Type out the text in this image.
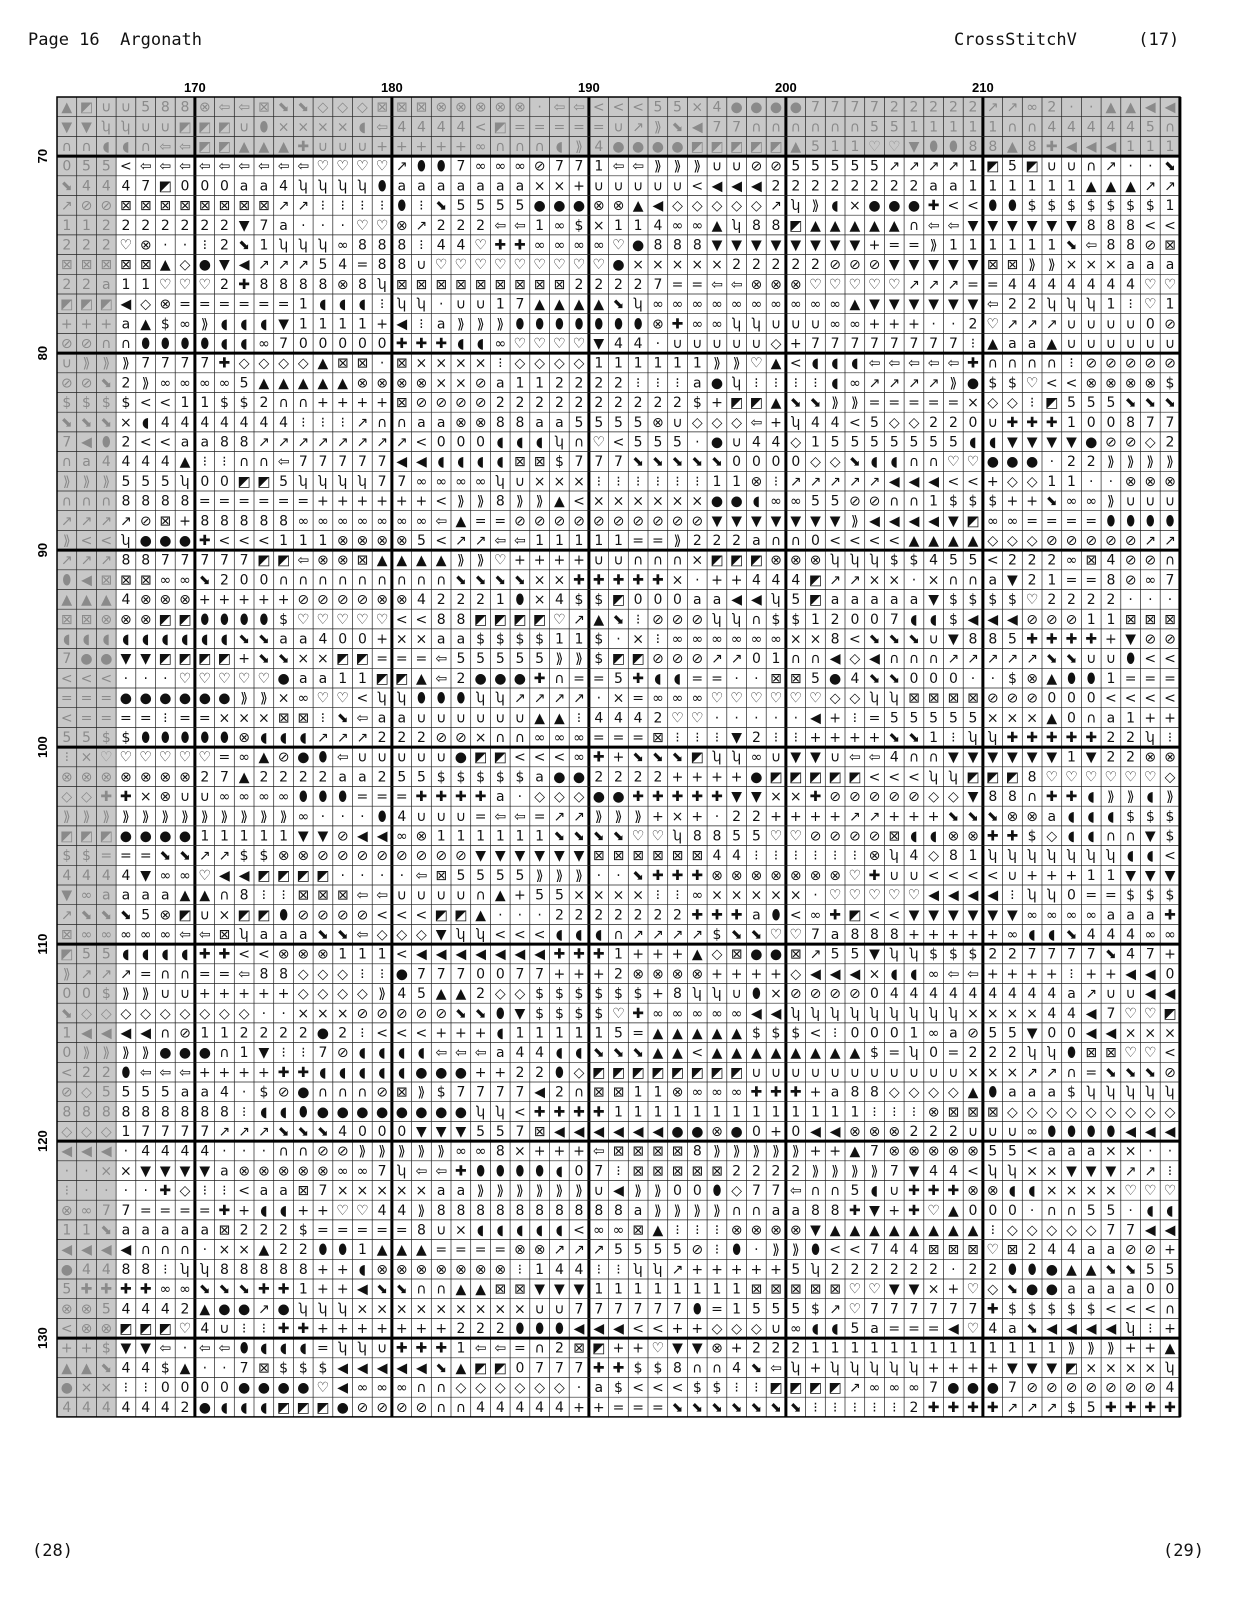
Page 16 Argonath	CrossStitchV	(17)
▲ ◩ ∪ ∪ 5 8 8 ⊗ ⇦ ⇦ ⊠ ⬊ ⬊ ◇ ◇ ◇ ⊠ ⊠ ⊠ ⊗ ⊗ ⊗ ⊗ ⊗ · ⇦ ⇦ < < < 5 5 × 4 ● ● ● ● 7 7 7 7 2 2 2 2 2 ↗ ↗ ∞ 2 · · ▲ ▲ ◀ ◀
▼ ▼ ʮ ʮ ∪ ∪ ◩ ◩ ◩ ∪ ⬮ × × × × ◖ ⇦ 4 4 4 4 < ◩ = = = = = ∪ ↗ ⟫ ⬊ ◀ 7 7 ∩ ∩ ∩ ∩ ∩ ∩ 5 5 1 1 1 1 1 ∩ ∩ 4 4 4 4 4 5 ∩
∩ ∩ ◖ ◖ ∩ ⇦ ⇦ ◩ ◩ ▲ ▲ ▲ ✚ ∪ ∪ ∪ + + + + + ∞ ∩ ∩ ∩ ◖ ⟫ 4 ● ● ● ● ◩ ◩ ◩ ◩ ◩ ▲ 5 1 1 ♡ ♡ ▼ ⬮ ⬮ 8 8 ▲ 8 ✚ ◀ ◀ ◀ 1 1 1
0 5 5 < ⇦ ⇦ ⇦ ⇦ ⇦ ⇦ ⇦ ⇦ ⇦ ♡ ♡ ♡ ♡ ↗ ⬮ ⬮ 7 ∞ ∞ ∞ ⊘ 7 7 1 ⇦ ⇦ ⟫ ⟫ ⟫ ∪ ∪ ⊘ ⊘ 5 5 5 5 5 ↗ ↗ ↗ ↗ 1 ◩ 5 ◩ ∪ ∪ ∩ ↗ · · ⬊
⬊ 4 4 4 7 ◩ 0 0 0 a a 4 ʮ ʮ ʮ ʮ ⬮ a a a a a a a × × + ∪ ∪ ∪ ∪ ∪ < ◀ ◀ ◀ 2 2 2 2 2 2 2 2 a a 1 1 1 1 1 1 ▲ ▲ ▲ ↗ ↗
↗ ⊘ ⊘ ⊠ ⊠ ⊠ ⊠ ⊠ ⊠ ⊠ ⊠ ↗ ↗ ⁝ ⁝ ⁝ ⁝ ⬮ ⁝ ⬊ 5 5 5 5 ● ● ● ⊗ ⊗ ▲ ◀ ◇ ◇ ◇ ◇ ◇ ↗ ʮ ⟫ ◖ × ● ● ● ✚ < < ⬮ ⬮ $ $ $ $ $ $ $ 1
1 1 2 2 2 2 2 2 2 ▼ 7 a · · · ♡ ♡ ⊗ ↗ 2 2 2 ⇦ ⇦ 1 ∞ $ × 1 1 4 ∞ ∞ ▲ ʮ 8 8 ◩ ▲ ▲ ▲ ▲ ▲ ∩ ⇦ ⇦ ▼ ▼ ▼ ▼ ▼ ▼ 8 8 8 < <
2 2 2 ♡ ⊗ · · ⁝ 2 ⬊ 1 ʮ ʮ ʮ ∞ 8 8 8 ⁝ 4 4 ♡ ✚ ✚ ∞ ∞ ∞ ∞ ♡ ● 8 8 8 ▼ ▼ ▼ ▼ ▼ ▼ ▼ ▼ + = = ⟫ 1 1 1 1 1 1 ⬊ ⇦ 8 8 ⊘ ⊠
⊠ ⊠ ⊠ ⊠ ⊠ ▲ ◇ ● ▼ ◀ ↗ ↗ ↗ 5 4 = 8 8 ∪ ♡ ♡ ♡ ♡ ♡ ♡ ♡ ♡ ♡ ● × × × × × 2 2 2 2 2 ⊘ ⊘ ⊘ ▼ ▼ ▼ ▼ ▼ ⊠ ⊠ ⟫ ⟫ × × × a a a
2 2 a 1 1 ♡ ♡ ♡ 2 ✚ 8 8 8 8 ⊗ 8 ʮ ⊠ ⊠ ⊠ ⊠ ⊠ ⊠ ⊠ ⊠ ⊠ 2 2 2 2 7 = = ⇦ ⇦ ⊗ ⊗ ⊗ ♡ ♡ ♡ ♡ ♡ ↗ ↗ ↗ = = 4 4 4 4 4 4 4 ♡ ♡
◩ ◩ ◩ ◀ ◇ ⊗ = = = = = = 1 ◖ ◖ ◖ ⁝ ʮ ʮ · ∪ ∪ 1 7 ▲ ▲ ▲ ▲ ⬊ ʮ ∞ ∞ ∞ ∞ ∞ ∞ ∞ ∞ ∞ ∞ ▲ ▼ ▼ ▼ ▼ ▼ ▼ ⇦ 2 2 ʮ ʮ ʮ 1 ⁝ ♡ 1
+ + + a ▲ $ ∞ ⟫ ◖ ◖ ◖ ▼ 1 1 1 1 + ◀ ⁝ a ⟫ ⟫ ⟫ ⬮ ⬮ ⬮ ⬮ ⬮ ⬮ ⬮ ⊗ ✚ ∞ ∞ ʮ ʮ ∪ ∪ ∪ ∞ ∞ + + + · · 2 ♡ ↗ ↗ ↗ ∪ ∪ ∪ ∪ 0 ⊘
⊘ ⊘ ∩ ∩ ⬮ ⬮ ⬮ ⬮ ◖ ◖ ∞ 7 0 0 0 0 0 ✚ ✚ ✚ ◖ ◖ ∞ ♡ ♡ ♡ ♡ ▼ 4 4 · ∪ ∪ ∪ ∪ ∪ ◇ + 7 7 7 7 7 7 7 7 ⁝ ▲ a a ▲ ∪ ∪ ∪ ∪ ∪ ∪
∪ ⟫ ⟫ ⟫ 7 7 7 7 ✚ ◇ ◇ ◇ ◇ ▲ ⊠ ⊠ · ⊠ × × × × ⁝ ◇ ◇ ◇ ◇ 1 1 1 1 1 1 ⟫ ⟫ ♡ ▲ < ◖ ◖ ◖ ⇦ ⇦ ⇦ ⇦ ⇦ ✚ ∩ ∩ ∩ ∩ ⁝ ⊘ ⊘ ⊘ ⊘ ⊘
⊘ ⊘ ⬊ 2 ⟫ ∞ ∞ ∞ ∞ 5 ▲ ▲ ▲ ▲ ▲ ⊗ ⊗ ⊗ ⊗ × × ⊘ a 1 1 2 2 2 2 ⁝ ⁝ ⁝ a ● ʮ ⁝ ⁝ ⁝ ⁝ ◖ ∞ ↗ ↗ ↗ ↗ ⟫ ● $ $ ♡ < < ⊗ ⊗ ⊗ ⊗ $
$ $ $ $ < < 1 1 $ $ 2 ∩ ∩ + + + + ⊠ ⊘ ⊘ ⊘ ⊘ 2 2 2 2 2 2 2 2 2 2 $ + ◩ ◩ ▲ ⬊ ⬊ ⟫ ⟫ = = = = = × ◇ ◇ ⁝ ◩ 5 5 5 ⬊ ⬊ ⬊
⬊ ⬊ ⬊ × ◖ 4 4 4 4 4 4 4 ⁝ ⁝ ⁝ ↗ ∩ ∩ a a ⊗ ⊗ 8 8 a a 5 5 5 5 ⊗ ∪ ◇ ◇ ◇ ⇦ + ʮ 4 4 < 5 ◇ ◇ 2 2 0 ∪ ✚ ✚ ✚ 1 0 0 8 7 7
7 ◀ ⬮ 2 < < a a 8 8 ↗ ↗ ↗ ↗ ↗ ↗ ↗ ↗ < 0 0 0 ◖ ◖ ◖ ʮ ∩ ♡ < 5 5 5 · ● ∪ 4 4 ◇ 1 5 5 5 5 5 5 5 ◖ ◖ ▼ ▼ ▼ ▼ ● ⊘ ⊘ ◇ 2
∩ a 4 4 4 4 ▲ ⁝ ⁝ ∩ ∩ ⇦ 7 7 7 7 7 ◀ ◀ ◖ ◖ ◖ ◖ ⊠ ⊠ $ 7 7 7 ⬊ ⬊ ⬊ ⬊ ⬊ 0 0 0 0 ◇ ◇ ⬊ ◖ ◖ ∩ ∩ ♡ ♡ ● ● ● · 2 2 ⟫ ⟫ ⟫ ⟫
⟫ ⟫ ⟫ 5 5 5 ʮ 0 0 ◩ ◩ 5 ʮ ʮ ʮ ʮ 7 7 ∞ ∞ ∞ ∞ ʮ ∪ × × × ⁝ ⁝ ⁝ ⁝ ⁝ ⁝ 1 1 ⊗ ⁝ ↗ ↗ ↗ ↗ ↗ ◀ ◀ ◀ < < + ◇ ◇ 1 1 · · ⊗ ⊗ ⊗
∩ ∩ ∩ 8 8 8 8 = = = = = = + + + + + + < ⟫ ⟫ 8 ⟫ ⟫ ▲ < × × × × × × ● ● ◖ ∞ ∞ 5 5 ⊘ ⊘ ∩ ∩ 1 $ $ $ + + ⬊ ∞ ∞ ⟫ ∪ ∪ ∪
↗ ↗ ↗ ↗ ⊘ ⊠ + 8 8 8 8 8 ∞ ∞ ∞ ∞ ∞ ∞ ∞ ⇦ ▲ = = ⊘ ⊘ ⊘ ⊘ ⊘ ⊘ ⊘ ⊘ ⊘ ⊘ ▼ ▼ ▼ ▼ ▼ ▼ ▼ ⟫ ◀ ◀ ◀ ◀ ▼ ◩ ∞ ∞ = = = = ⬮ ⬮ ⬮ ⬮
⟫ < < ʮ ● ● ● ✚ < < < 1 1 1 ⊗ ⊗ ⊗ ⊗ 5 < ↗ ↗ ⇦ ⇦ 1 1 1 1 1 = = ⟫ 2 2 2 a ∩ ∩ 0 < < < < ▲ ▲ ▲ ▲ ◇ ◇ ◇ ⊘ ⊘ ⊘ ⊘ ⊘ ↗ ↗
↗ ↗ ↗ 8 8 7 7 7 7 7 ◩ ◩ ⇦ ⊗ ⊗ ⊠ ▲ ▲ ▲ ▲ ⟫ ⟫ ♡ + + + + ∪ ∪ ∩ ∩ ∩ × ◩ ◩ ◩ ⊗ ⊗ ⊗ ʮ ʮ ʮ $ $ 4 5 5 < 2 2 2 ∞ ⊠ 4 ⊘ ⊘ ∩
⬮ ◀ ⊠ ⊠ ⊠ ∞ ∞ ⬊ 2 0 0 ∩ ∩ ∩ ∩ ∩ ∩ ∩ ∩ ∩ ⬊ ⬊ ⬊ ⬊ × × ✚ ✚ ✚ ✚ ✚ × · + + 4 4 4 ◩ ↗ ↗ × × · × ∩ ∩ a ▼ 2 1 = = 8 ⊘ ∞ 7
▲ ▲ ▲ 4 ⊗ ⊗ ⊗ + + + + + ⊘ ⊘ ⊘ ⊘ ⊗ ⊗ 4 2 2 2 1 ⬮ × 4 $ $ ◩ 0 0 0 a a ◀ ◀ ʮ 5 ◩ a a a a a ▼ $ $ $ $ ♡ 2 2 2 2 · · ·
⊠ ⊠ ⊗ ⊗ ⊗ ◩ ◩ ⬮ ⬮ ⬮ ⬮ $ ♡ ♡ ♡ ♡ ♡ < < 8 8 ◩ ◩ ◩ ◩ ♡ ↗ ▲ ⬊ ⁝ ⊘ ⊘ ⊘ ʮ ʮ ∩ $ $ 1 2 0 0 7 ◖ ◖ $ ◀ ◀ ◀ ⊘ ⊘ ⊘ 1 1 ⊠ ⊠ ⊠
◖ ◖ ◖ ◖ ◖ ◖ ◖ ◖ ◖ ⬊ ⬊ a a 4 0 0 + × × a a $ $ $ $ 1 1 $ · × ⁝ ∞ ∞ ∞ ∞ ∞ ∞ × × 8 < ⬊ ⬊ ⬊ ∪ ▼ 8 8 5 ✚ ✚ ✚ ✚ + ▼ ⊘ ⊘
7 ● ● ▼ ▼ ◩ ◩ ◩ ◩ + ⬊ ⬊ × × ◩ ◩ = = = ⇦ 5 5 5 5 5 ⟫ ⟫ $ ◩ ◩ ⊘ ⊘ ⊘ ↗ ↗ 0 1 ∩ ∩ ◀ ◇ ◀ ∩ ∩ ∩ ↗ ↗ ↗ ↗ ↗ ⬊ ⬊ ∪ ∪ ⬮ < <
< < < · · · ♡ ♡ ♡ ♡ ♡ ● a a 1 1 ◩ ◩ ▲ ⇦ 2 ● ● ● ✚ ∩ = = 5 ✚ ◖ ◖ = = · · ⊠ ⊠ 5 ● 4 ⬊ ⬊ 0 0 0 · · $ ⊗ ▲ ⬮ ⬮ 1 = = =
= = = ● ● ● ● ● ● ⟫ ⟫ × ∞ ♡ ♡ < ʮ ʮ ⬮ ⬮ ⬮ ʮ ʮ ↗ ↗ ↗ ↗ · × = ∞ ∞ ∞ ♡ ♡ ♡ ♡ ♡ ♡ ◇ ◇ ʮ ʮ ⊠ ⊠ ⊠ ⊠ ⊘ ⊘ ⊘ 0 0 0 < < < <
< = = = = ⁝ = = × × × ⊠ ⊠ ⁝ ⬊ ⇦ a a ∪ ∪ ∪ ∪ ∪ ∪ ▲ ▲ ⁝ 4 4 4 2 ♡ ♡ · · · · · ◀ + ⁝ = 5 5 5 5 5 × × × ▲ 0 ∩ a 1 + +
5 5 $ $ ⬮ ⬮ ⬮ ⬮ ⬮ ⊗ ◖ ◖ ◖ ↗ ↗ ↗ 2 2 2 ⊘ ⊘ × ∩ ∩ ∞ ∞ ∞ = = = ⊠ ⁝ ⁝ ⁝ ▼ 2 ⁝ ⁝ + + + + ⬊ ⬊ 1 ⁝ ʮ ʮ ✚ ✚ ✚ ✚ ✚ 2 2 ʮ ⁝
⁝ × ♡ ♡ ♡ ♡ ♡ ♡ = ∞ ▲ ⊘ ● ⬮ ⇦ ∪ ∪ ∪ ∪ ∪ ● ◩ ◩ < < < ∞ ✚ + ⬊ ⬊ ⬊ ◩ ʮ ʮ ∞ ∪ ▼ ▼ ∪ ⇦ ⇦ 4 ∩ ∩ ▼ ▼ ▼ ▼ ▼ ▼ 1 ▼ 2 2 ⊗ ⊗
⊗ ⊗ ⊗ ⊗ ⊗ ⊗ ⊗ 2 7 ▲ 2 2 2 2 a a 2 5 5 $ $ $ $ $ a ● ● 2 2 2 2 + + + + ● ◩ ◩ ◩ ◩ ◩ < < < ʮ ʮ ◩ ◩ ◩ 8 ♡ ♡ ♡ ♡ ♡ ♡ ◇
◇ ◇ ✚ ✚ × ⊗ ∪ ∪ ∞ ∞ ∞ ∞ ⬮ ⬮ ⬮ = = = ✚ ✚ ✚ ✚ a · ◇ ◇ ◇ ● ● ✚ ✚ ✚ ✚ ✚ ▼ ▼ × × ✚ ⊘ ⊘ ⊘ ⊘ ⊘ ◇ ◇ ▼ 8 8 ∩ ✚ ✚ ◖ ⟫ ⟫ ◖ ⟫
⟫ ⟫ ⟫ ⟫ ⟫ ⟫ ⟫ ⟫ ⟫ ⟫ ⟫ ⟫ ∞ · · · ⬮ 4 ∪ ∪ ∪ = ⇦ ⇦ = ↗ ↗ ⟫ ⟫ ⟫ + × + · 2 2 + + + + ↗ ↗ + + + ⬊ ⬊ ⬊ ⊗ ⊗ a ◖ ◖ ◖ $ $ $
◩ ◩ ◩ ● ● ● ● 1 1 1 1 1 ▼ ▼ ⊘ ◀ ◀ ∞ ⊗ 1 1 1 1 1 1 ⬊ ⬊ ⬊ ⬊ ♡ ♡ ʮ 8 8 5 5 ♡ ♡ ⊘ ⊘ ⊘ ⊘ ⊠ ◖ ◖ ⊗ ⊗ ✚ ✚ $ ◇ ◖ ◖ ∩ ∩ ▼ $
$ $ = = = ⬊ ⬊ ↗ ↗ $ $ ⊗ ⊗ ⊘ ⊘ ⊘ ⊘ ⊘ ⊘ ⊘ ⊘ ▼ ▼ ▼ ▼ ▼ ▼ ⊠ ⊠ ⊠ ⊠ ⊠ ⊠ 4 4 ⁝ ⁝ ⁝ ⁝ ⁝ ⁝ ⊗ ʮ 4 ◇ 8 1 ʮ ʮ ʮ ʮ ʮ ʮ ʮ ◖ ◖ <
4 4 4 4 ▼ ∞ ∞ ♡ ◀ ◀ ◩ ◩ ◩ ◩ · · · · ⇦ ⊠ 5 5 5 5 ⟫ ⟫ ⟫ · · ⬊ ✚ ✚ ✚ ⊗ ⊗ ⊗ ⊗ ⊗ ⊗ ⊗ ♡ ✚ ∪ ∪ < < < < ∪ + + + 1 1 ▼ ▼ ▼
▼ ∞ a a a a ▲ ▲ ∩ 8 ⁝ ⁝ ⊠ ⊠ ⊠ ⇦ ⇦ ∪ ∪ ∪ ∪ ∩ ▲ + 5 5 × × × × ⁝ ⁝ ∞ × × × × × · ♡ ♡ ♡ ♡ ♡ ◀ ◀ ◀ ◀ ⁝ ʮ ʮ 0 = = $ $ $
↗ ⬊ ⬊ ⬊ 5 ⊗ ◩ ∪ × ◩ ◩ ⬮ ⊘ ⊘ ⊘ ⊘ < < < ◩ ◩ ▲ · · · 2 2 2 2 2 2 2 ✚ ✚ ✚ a ⬮ < ∞ ✚ ◩ < < ▼ ▼ ▼ ▼ ▼ ▼ ∞ ∞ ∞ ∞ a a a ✚
⊠ ∞ ∞ ∞ ∞ ∞ ⇦ ⇦ ⊠ ʮ a a a ⬊ ⬊ ⇦ ◇ ◇ ◇ ▼ ʮ ʮ < < < ◖ ◖ ◖ ∩ ↗ ↗ ↗ ↗ $ ⬊ ⬊ ♡ ♡ 7 a 8 8 8 + + + + + ∞ ◖ ◖ ⬊ 4 4 4 ∞ ∞
◩ 5 5 ◖ ◖ ◖ ◖ ✚ ✚ < < ⊗ ⊗ ⊗ 1 1 1 < ◀ ◀ ◀ ◀ ◀ ◀ ◀ ✚ ✚ ✚ 1 + + + ▲ ◇ ⊠ ● ● ⊠ ↗ 5 5 ▼ ʮ ʮ $ $ $ 2 2 7 7 7 7 ⬊ 4 7 +
⟫ ↗ ↗ ↗ = ∩ ∩ = = ⇦ 8 8 ◇ ◇ ◇ ⁝ ⁝ ● 7 7 7 0 0 7 7 + + + 2 ⊗ ⊗ ⊗ ⊗ + + + + ◇ ◀ ◀ ◀ × ◖ ◖ ∞ ⇦ ⇦ + + + + ⁝ + + ◀ ◀ 0
0 0 $ ⟫ ⟫ ∪ ∪ + + + + + ◇ ◇ ◇ ◇ ⟫ 4 5 ▲ ▲ 2 ◇ ◇ $ $ $ $ $ $ + 8 ʮ ʮ ∪ ⬮ × ⊘ ⊘ ⊘ ⊘ 0 4 4 4 4 4 4 4 4 4 a ↗ ∪ ∪ ◀ ◀
⬊ ◇ ◇ ◇ ◇ ◇ ◇ ◇ ◇ ◇ · · × × × ⊘ ⊘ ⊘ ⊘ ⊘ ⬊ ⬊ ⬮ ▼ $ $ $ $ ♡ ✚ ∞ ∞ ∞ ∞ ∞ ◀ ◀ ʮ ʮ ʮ ʮ ʮ ʮ ʮ ʮ ʮ × × × × 4 4 ◀ 7 ♡ ♡ ◩
1 ◀ ◀ ◀ ◀ ∩ ⊘ 1 1 2 2 2 2 ● 2 ⁝ < < < + + + ◖ 1 1 1 1 1 5 = ▲ ▲ ▲ ▲ ▲ $ $ $ < ⁝ 0 0 0 1 ∞ a ⊘ 5 5 ▼ 0 0 ◀ ◀ × × ×
0 ⟫ ⟫ ⟫ ⟫ ● ● ● ∩ 1 ▼ ⁝ ⁝ 7 ⊘ ◖ ◖ ◖ ◖ ⇦ ⇦ ⇦ a 4 4 ◖ ◖ ⬊ ⬊ ⬊ ▲ ▲ < ▲ ▲ ▲ ▲ ▲ ▲ ▲ ▲ $ = ʮ 0 = 2 2 2 ʮ ʮ ⬮ ⊠ ⊠ ♡ ♡ <
< 2 2 ⬮ ⇦ ⇦ ⇦ + + + + ✚ ✚ ◖ ◖ ◖ ◖ ◖ ● ● ● + + 2 2 ⬮ ◇ ◩ ◩ ◩ ◩ ◩ ◩ ◩ ◩ ∪ ∪ ∪ ∪ ∪ ∪ ∪ ∪ ∪ ∪ ∪ × × × ↗ ↗ ∩ = ⬊ ⬊ ⬊ ⊘
⊘ ◇ 5 5 5 5 a a 4 · $ ⊘ ● ∩ ∩ ∩ ⊘ ⊠ ⟫ $ 7 7 7 7 ◀ 2 ∩ ⊠ ⊠ 1 1 ⊗ ∞ ∞ ∞ ✚ ✚ ✚ + a 8 8 ◇ ◇ ◇ ◇ ▲ ⬮ a a a $ ʮ ʮ ʮ ʮ ʮ
8 8 8 8 8 8 8 8 8 ⁝ ◖ ◖ ⬮ ● ● ● ● ● ● ● ● ʮ ʮ < ✚ ✚ ✚ ✚ 1 1 1 1 1 1 1 1 1 1 1 1 1 ⁝ ⁝ ⁝ ⊗ ⊠ ⊠ ⊠ ◇ ◇ ◇ ◇ ◇ ◇ ◇ ◇ ◇
◇ ◇ ◇ 1 7 7 7 7 ↗ ↗ ↗ ⬊ ⬊ ⬊ 4 0 0 0 ▼ ▼ ▼ 5 5 7 ⊠ ◀ ◀ ◀ ◀ ◀ ◀ ● ● ⊗ ● 0 + 0 ◀ ◀ ⊗ ⊗ ⊗ 2 2 2 ∪ ∪ ∪ ∞ ⬮ ⬮ ⬮ ⬮ ◀ ◀ ◀
◀ ◀ ◀ · 4 4 4 4 · · · ∩ ∩ ⊘ ⊘ ⟫ ⟫ ⟫ ⟫ ⟫ ∞ ∞ 8 × + + + ⇦ ⊠ ⊠ ⊠ ⊠ 8 ⟫ ⟫ ⟫ ⟫ ⟫ + + ▲ 7 ⊗ ⊗ ⊗ ⊗ ⊗ 5 5 < a a a × × · ·
· · × × ▼ ▼ ▼ ▼ a ⊗ ⊗ ⊗ ⊗ ⊗ ∞ ∞ 7 ʮ ⇦ ⇦ ✚ ⬮ ⬮ ⬮ ⬮ ◖ 0 7 ⁝ ⊠ ⊠ ⊠ ⊠ ⊠ 2 2 2 2 ⟫ ⟫ ⟫ ⟫ 7 ▼ 4 4 < ʮ ʮ × × ▼ ▼ ▼ ↗ ↗ ⁝
⁝ · · · · ✚ ◇ ⁝ ⁝ < a a ⊠ 7 × × × × × a a ⟫ ⟫ ⟫ ⟫ ⟫ ⟫ ∪ ◀ ⟫ ⟫ 0 0 ⬮ ◇ 7 7 ⇦ ∩ ∩ 5 ◖ ∪ ✚ ✚ ✚ ⊗ ⊗ ◖ ◖ × × × × ♡ ♡ ♡
⊗ ∞ 7 7 = = = = ✚ + ◖ ◖ + + ♡ ♡ 4 4 ⟫ 8 8 8 8 8 8 8 8 8 8 a ⟫ ⟫ ⟫ ⟫ ∩ ∩ a a 8 8 ✚ ▼ + ✚ ♡ ▲ 0 0 0 · ∩ ∩ 5 5 · ◖ ◖
1 1 ⬊ a a a a a ⊠ 2 2 2 $ = = = = = 8 ∪ × ◖ ◖ ◖ ◖ ◖ < ∞ ∞ ⊠ ▲ ⁝ ⁝ ⁝ ⊗ ⊗ ⊗ ⊗ ▼ ▲ ▲ ▲ ▲ ▲ ▲ ▲ ▲ ⁝ ◇ ◇ ◇ ◇ ◇ 7 7 ◀ ◀
◀ ◀ ◀ ◀ ∩ ∩ ∩ · × × ▲ 2 2 ⬮ ⬮ 1 ▲ ▲ ▲ = = = = ⊗ ⊗ ↗ ↗ ↗ 5 5 5 5 ⊘ ⁝ ⬮ · ⟫ ⟫ ⬮ < < 7 4 4 ⊠ ⊠ ⊠ ♡ ⊠ 2 4 4 a a ⊘ ⊘ +
● 4 4 8 8 ⁝ ʮ ʮ 8 8 8 8 8 + + ◖ ⊗ ⊗ ⊗ ⊗ ⊗ ⊗ ⊗ ⁝ 1 4 4 ⁝ ⁝ ʮ ʮ ↗ + + + + + 5 ʮ 2 2 2 2 2 2 · 2 2 ⬮ ⬮ ● ▲ ▲ ⬊ ⬊ 5 5
5 ✚ ✚ ✚ ✚ ∞ ∞ ⬊ ⬊ ⬊ ✚ ✚ 1 + + ◀ ⬊ ⬊ ∩ ∩ ▲ ▲ ⊠ ⊠ ▼ ▼ ▼ 1 1 1 1 1 1 1 1 ⊠ ⊠ ⊠ ⊠ ⊠ ♡ ♡ ▼ ▼ × + ♡ ◇ ⬊ ● ● a a a a 0 0
⊗ ⊗ 5 4 4 4 2 ▲ ● ● ↗ ● ʮ ʮ ʮ × × × × × × × × × ∪ ∪ 7 7 7 7 7 7 ⬮ = 1 5 5 5 $ ↗ ♡ 7 7 7 7 7 7 ✚ $ $ $ $ $ < < < ∩
< ⊗ ⊗ ◩ ◩ ◩ ♡ 4 ∪ ⁝ ⁝ ✚ ✚ + + + + + + + 2 2 2 ⬮ ⬮ ⬮ ◀ ◀ ◀ < < + + ◇ ◇ ◇ ∪ ∞ ◖ ◖ 5 a = = = ◀ ♡ 4 a ⬊ ◀ ◀ ◀ ◀ ʮ ⁝ +
+ + $ ▼ ▼ ⇦ · ⇦ ⇦ ⬮ ◖ ◖ ◖ = ʮ ʮ ∪ ✚ ✚ ✚ 1 ⇦ ⇦ = ∩ 2 ⊠ ◩ + + ♡ ▼ ▼ ⊗ + 2 2 2 1 1 1 1 1 1 1 1 1 1 1 1 1 ⟫ ⟫ ⟫ + + ▲
▲ ▲ ⬊ 4 4 $ ▲ · · 7 ⊠ $ $ $ ◀ ◀ ◀ ◀ ◀ ⬊ ▲ ◩ ◩ 0 7 7 7 ✚ ✚ $ $ 8 ∩ ∩ 4 ⬊ ⇦ ʮ + ʮ ʮ ʮ ʮ ʮ + + + + ▼ ▼ ▼ ◩ × × × × ʮ
● × × ⁝ ⁝ 0 0 0 0 ● ● ● ● ♡ ◀ ∞ ∞ ∞ ∩ ∩ ◇ ◇ ◇ ◇ ◇ ◇ · a $ < < < $ $ ⁝ ⁝ ◩ ◩ ◩ ◩ ↗ ∞ ∞ ∞ 7 ● ● ● 7 ⊘ ⊘ ⊘ ⊘ ⊘ ⊘ ⊘ 4
4 4 4 4 4 4 2 ● ◖ ◖ ◖ ◩ ◩ ◩ ● ⊘ ⊘ ⊘ ⊘ ∩ ∩ 4 4 4 4 4 + + = = = ⬊ ⬊ ⬊ ⬊ ⬊ ⬊ ⬊ ⁝ ⁝ ⁝ ⁝ ⁝ 2 ✚ ✚ ✚ ✚ ↗ ↗ ↗ $ 5 ✚ ✚ ✚ ✚
170	180	190	200	210
70
80
90
100
110
120
130
(28)	(29)
